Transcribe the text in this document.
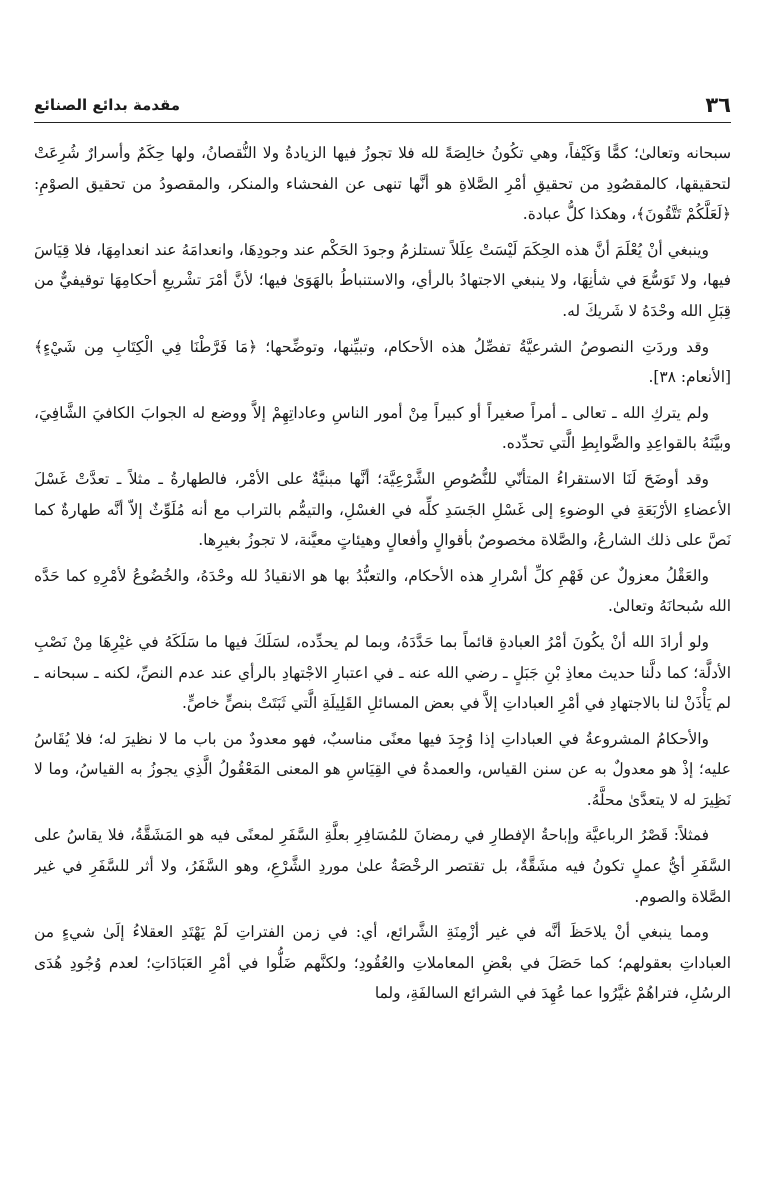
٣٦
مقدمة بدائع الصنائع

سبحانه وتعالىٰ؛ كمًّا وَكَيْفاً، وهي تكُونُ خالِصَةً لله فلا تجوزُ فيها الزيادةُ ولا النُّقصانُ، ولها حِكَمٌ وأسرارٌ شُرِعَتْ لتحقيقها، كالمقصُودِ من تحقيقِ أمْرِ الصَّلاةِ هو أنَّها تنهى عن الفحشاء والمنكر، والمقصودُ من تحقيق الصوْمِ: ﴿لَعَلَّكُمْ تَتَّقُونَ﴾، وهكذا كلُّ عبادة.

وينبغي أنْ يُعْلَمَ أنَّ هذه الحِكَمَ لَيْسَتْ عِلَلاً تستلزمُ وجودَ الحَكْم عند وجودِهَا، وانعدامَهُ عند انعدامِهَا، فلا قِيَاسَ فيها، ولا تَوَسُّعَ في شأنِهَا، ولا ينبغي الاجتهادُ بالرأي، والاستنباطُ بالهَوَىٰ فيها؛ لأنَّ أمْرَ تشْريعِ أحكامِهَا توقيفيٌّ من قِبَلِ الله وحْدَهُ لا شَريكَ له.

وقد وردَتِ النصوصُ الشرعيَّةُ تفصِّلُ هذه الأحكام، وتبيِّنها، وتوضِّحها؛ ﴿مَا فَرَّطْنَا فِي الْكِتَابِ مِن شَيْءٍ﴾ [الأنعام: ٣٨].

ولم يتركِ الله ـ تعالى ـ أمراً صغيراً أو كبيراً مِنْ أمور الناسِ وعاداتِهِمْ إلاَّ ووضع له الجوابَ الكافيَ الشَّافِيَ، وبيَّنَهُ بالقواعِدِ والضَّوابِطِ الَّتي تحدِّده.

وقد أوضَحَ لَنَا الاستقراءُ المتأنّي للنُّصُوصِ الشَّرْعِيَّة؛ أنَّها مبنيَّةٌ على الأمْر، فالطهارةُ ـ مثلاً ـ تعدَّتْ غَسْلَ الأعضاءِ الأرْبَعَةِ في الوضوءِ إلى غَسْلِ الجَسَدِ كلِّه في الغسْلِ، والتيمُّم بالتراب مع أنه مُلَوِّثٌ إلاّ أنَّه طهارةٌ كما نَصَّ على ذلك الشارعُ، والصَّلاة مخصوصٌ بأقوالٍ وأفعالٍ وهيئاتٍ معيَّنة، لا تجوزُ بغيرِها.

والعَقْلُ معزولٌ عن فَهْمِ كلِّ أسْرارِ هذه الأحكام، والتعبُّدُ بها هو الانقيادُ لله وحْدَهُ، والخُضُوعُ لأمْرِهِ كما حَدَّه الله سُبحانَهُ وتعالىٰ.

ولو أرادَ الله أنْ يكُونَ أمْرُ العبادةِ قائماً بما حَدَّدَهُ، وبما لم يحدِّده، لسَلَكَ فيها ما سَلَكَهُ في غيْرِهَا مِنْ نَصْبِ الأدلَّة؛ كما دلَّنا حديث معاذِ بْنِ جَبَلٍ ـ رضي الله عنه ـ في اعتبارِ الاجْتهادِ بالرأي عند عدم النصِّ، لكنه ـ سبحانه ـ لم يَأْذَنْ لنا بالاجتهادِ في أمْرِ العباداتِ إلاَّ في بعض المسائلِ القَلِيلَةِ الَّتي ثَبَتَتْ بنصٍّ خاصٍّ.

والأحكامُ المشروعةُ في العباداتِ إذا وُجِدَ فيها معنًى مناسبٌ، فهو معدودٌ من باب ما لا نظيرَ له؛ فلا يُقَاسُ عليه؛ إذْ هو معدولٌ به عن سنن القياس، والعمدةُ في القِيَاسِ هو المعنى المَعْقُولُ الَّذِي يجوزُ به القياسُ، وما لا نَظِيرَ له لا يتعدَّىٰ محلَّهُ.

فمثلاً: قَصْرُ الرباعيَّة وإباحةُ الإفطارِ في رمضانَ للمُسَافِرِ بعلَّةِ السَّفَرِ لمعنًى فيه هو المَشَقَّةُ، فلا يقاسُ على السَّفَرِ أيُّ عملٍ تكونُ فيه مشَقَّةٌ، بل تقتصر الرخْصَةُ علىٰ موردِ الشَّرْعِ، وهو السَّفَرُ، ولا أثر للسَّفَرِ في غير الصَّلاة والصوم.

ومما ينبغي أنْ يلاحَظَ أنَّه في غير أزْمِنَةِ الشَّرائع، أي: في زمن الفتراتِ لَمْ يَهْتَدِ العقلاءُ إلَىٰ شيءٍ من العباداتِ بعقولهم؛ كما حَصَلَ في بعْضِ المعاملاتِ والعُقُودِ؛ ولكنَّهم ضَلُّوا في أمْرِ العَبَادَاتِ؛ لعدم وُجُودِ هُدَى الرسُلِ، فتراهُمْ غيَّرُوا عما عُهِدَ في الشرائع السالفَةِ، ولما
